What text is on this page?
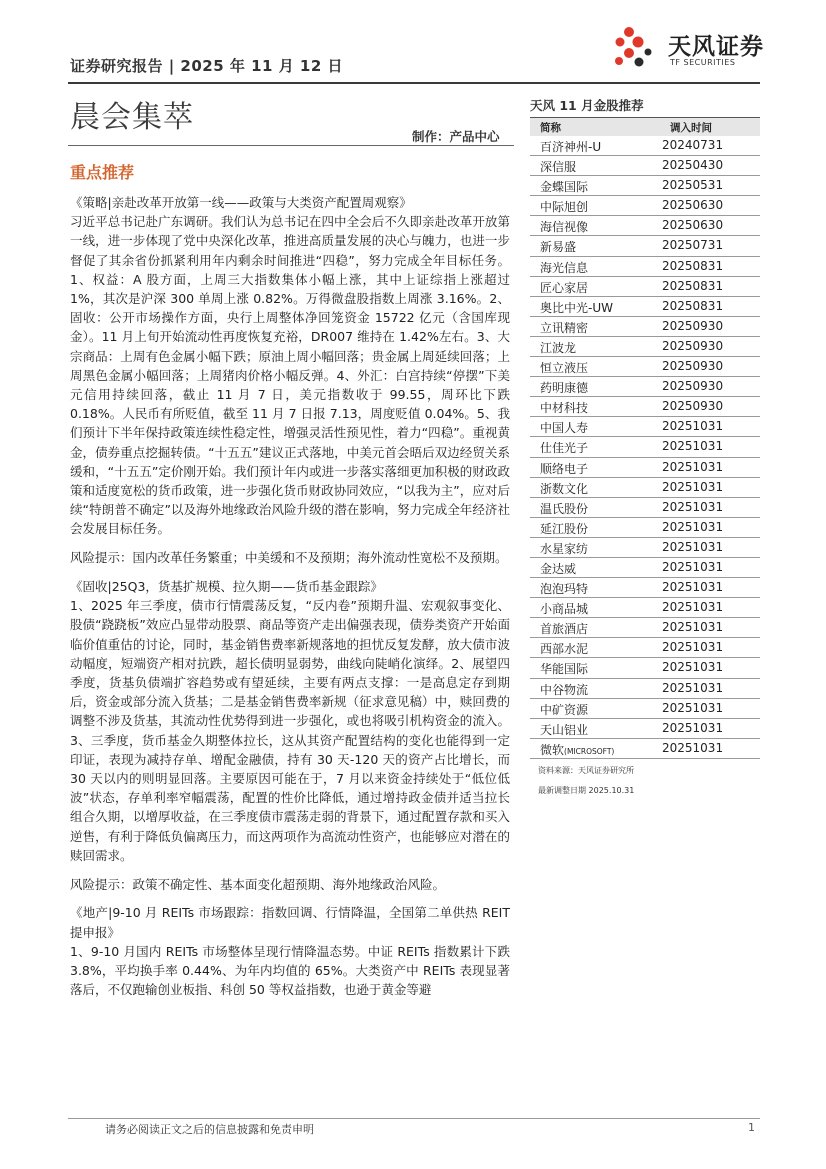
证券研究报告 | 2025 年 11 月 12 日
天风证券
TF SECURITIES
晨会集萃
制作：产品中心
重点推荐

《策略|亲赴改革开放第一线——政策与大类资产配置周观察》

习近平总书记赴广东调研。我们认为总书记在四中全会后不久即亲赴改革开放第一线，进一步体现了党中央深化改革，推进高质量发展的决心与魄力，也进一步督促了其余省份抓紧利用年内剩余时间推进“四稳”，努力完成全年目标任务。1、权益：A 股方面，上周三大指数集体小幅上涨，其中上证综指上涨超过 1%，其次是沪深 300 单周上涨 0.82%。万得微盘股指数上周涨 3.16%。2、固收：公开市场操作方面，央行上周整体净回笼资金 15722 亿元（含国库现金）。11 月上旬开始流动性再度恢复充裕，DR007 维持在 1.42%左右。3、大宗商品：上周有色金属小幅下跌；原油上周小幅回落；贵金属上周延续回落；上周黑色金属小幅回落；上周猪肉价格小幅反弹。4、外汇：白宫持续“停摆”下美元信用持续回落，截止 11 月 7 日，美元指数收于 99.55，周环比下跌 0.18%。人民币有所贬值，截至 11 月 7 日报 7.13，周度贬值 0.04%。5、我们预计下半年保持政策连续性稳定性，增强灵活性预见性，着力“四稳”。重视黄金，债券重点挖掘转债。“十五五”建议正式落地，中美元首会晤后双边经贸关系缓和，“十五五”定价刚开始。我们预计年内或进一步落实落细更加积极的财政政策和适度宽松的货币政策，进一步强化货币财政协同效应，“以我为主”，应对后续“特朗普不确定”以及海外地缘政治风险升级的潜在影响，努力完成全年经济社会发展目标任务。

风险提示：国内改革任务繁重；中美缓和不及预期；海外流动性宽松不及预期。

《固收|25Q3，货基扩规模、拉久期——货币基金跟踪》

1、2025 年三季度，债市行情震荡反复，“反内卷”预期升温、宏观叙事变化、股债“跷跷板”效应凸显带动股票、商品等资产走出偏强表现，债券类资产开始面临价值重估的讨论，同时，基金销售费率新规落地的担忧反复发酵，放大债市波动幅度，短端资产相对抗跌，超长债明显弱势，曲线向陡峭化演绎。2、展望四季度，货基负债端扩容趋势或有望延续，主要有两点支撑：一是高息定存到期后，资金或部分流入货基；二是基金销售费率新规（征求意见稿）中，赎回费的调整不涉及货基，其流动性优势得到进一步强化，或也将吸引机构资金的流入。3、三季度，货币基金久期整体拉长，这从其资产配置结构的变化也能得到一定印证，表现为减持存单、增配金融债，持有 30 天-120 天的资产占比增长，而 30 天以内的则明显回落。主要原因可能在于，7 月以来资金持续处于“低位低波”状态，存单利率窄幅震荡，配置的性价比降低，通过增持政金债并适当拉长组合久期，以增厚收益，在三季度债市震荡走弱的背景下，通过配置存款和买入逆售，有利于降低负偏离压力，而这两项作为高流动性资产，也能够应对潜在的赎回需求。

风险提示：政策不确定性、基本面变化超预期、海外地缘政治风险。

《地产|9-10 月 REITs 市场跟踪：指数回调、行情降温，全国第二单供热 REIT 提申报》

1、9-10 月国内 REITs 市场整体呈现行情降温态势。中证 REITs 指数累计下跌 3.8%，平均换手率 0.44%、为年内均值的 65%。大类资产中 REITs 表现显著落后，不仅跑输创业板指、科创 50 等权益指数，也逊于黄金等避

天风 11 月金股推荐
简称	调入时间
百济神州-U	20240731
深信服	20250430
金蝶国际	20250531
中际旭创	20250630
海信视像	20250630
新易盛	20250731
海光信息	20250831
匠心家居	20250831
奥比中光-UW	20250831
立讯精密	20250930
江波龙	20250930
恒立液压	20250930
药明康德	20250930
中材科技	20250930
中国人寿	20251031
仕佳光子	20251031
顺络电子	20251031
浙数文化	20251031
温氏股份	20251031
延江股份	20251031
水星家纺	20251031
金达威	20251031
泡泡玛特	20251031
小商品城	20251031
首旅酒店	20251031
西部水泥	20251031
华能国际	20251031
中谷物流	20251031
中矿资源	20251031
天山铝业	20251031
微软(MICROSOFT)	20251031
资料来源：天风证券研究所
最新调整日期 2025.10.31
请务必阅读正文之后的信息披露和免责申明	1
